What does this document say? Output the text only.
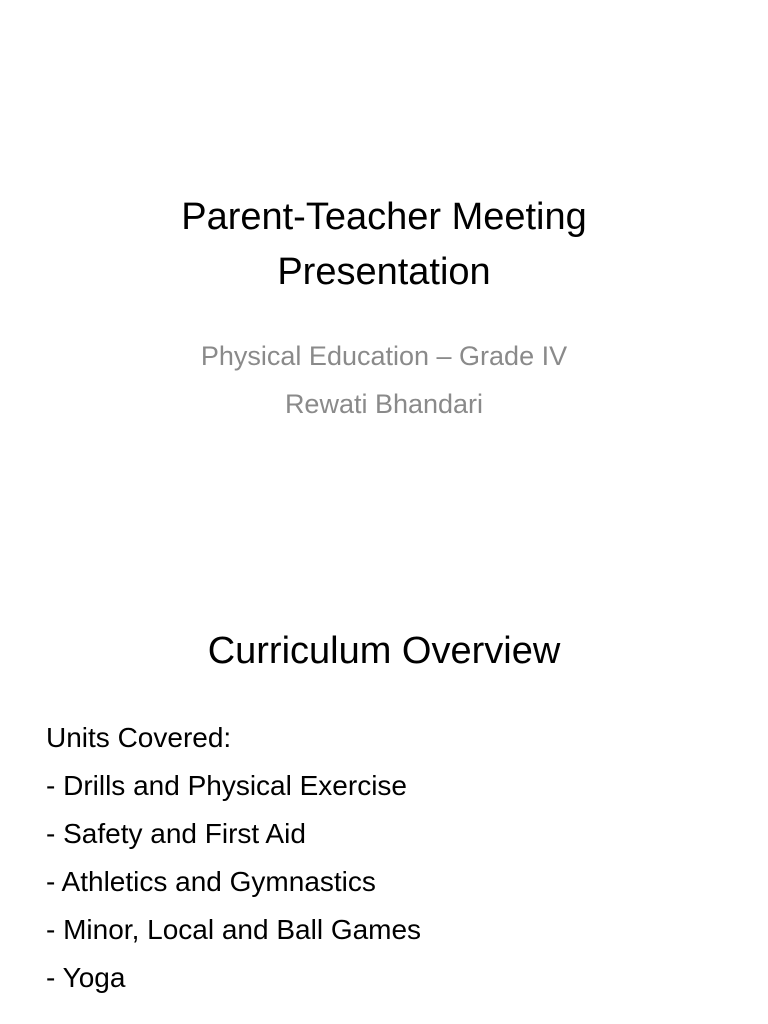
Parent-Teacher Meeting
Presentation
Physical Education – Grade IV
Rewati Bhandari
Curriculum Overview
Units Covered:
- Drills and Physical Exercise
- Safety and First Aid
- Athletics and Gymnastics
- Minor, Local and Ball Games
- Yoga
